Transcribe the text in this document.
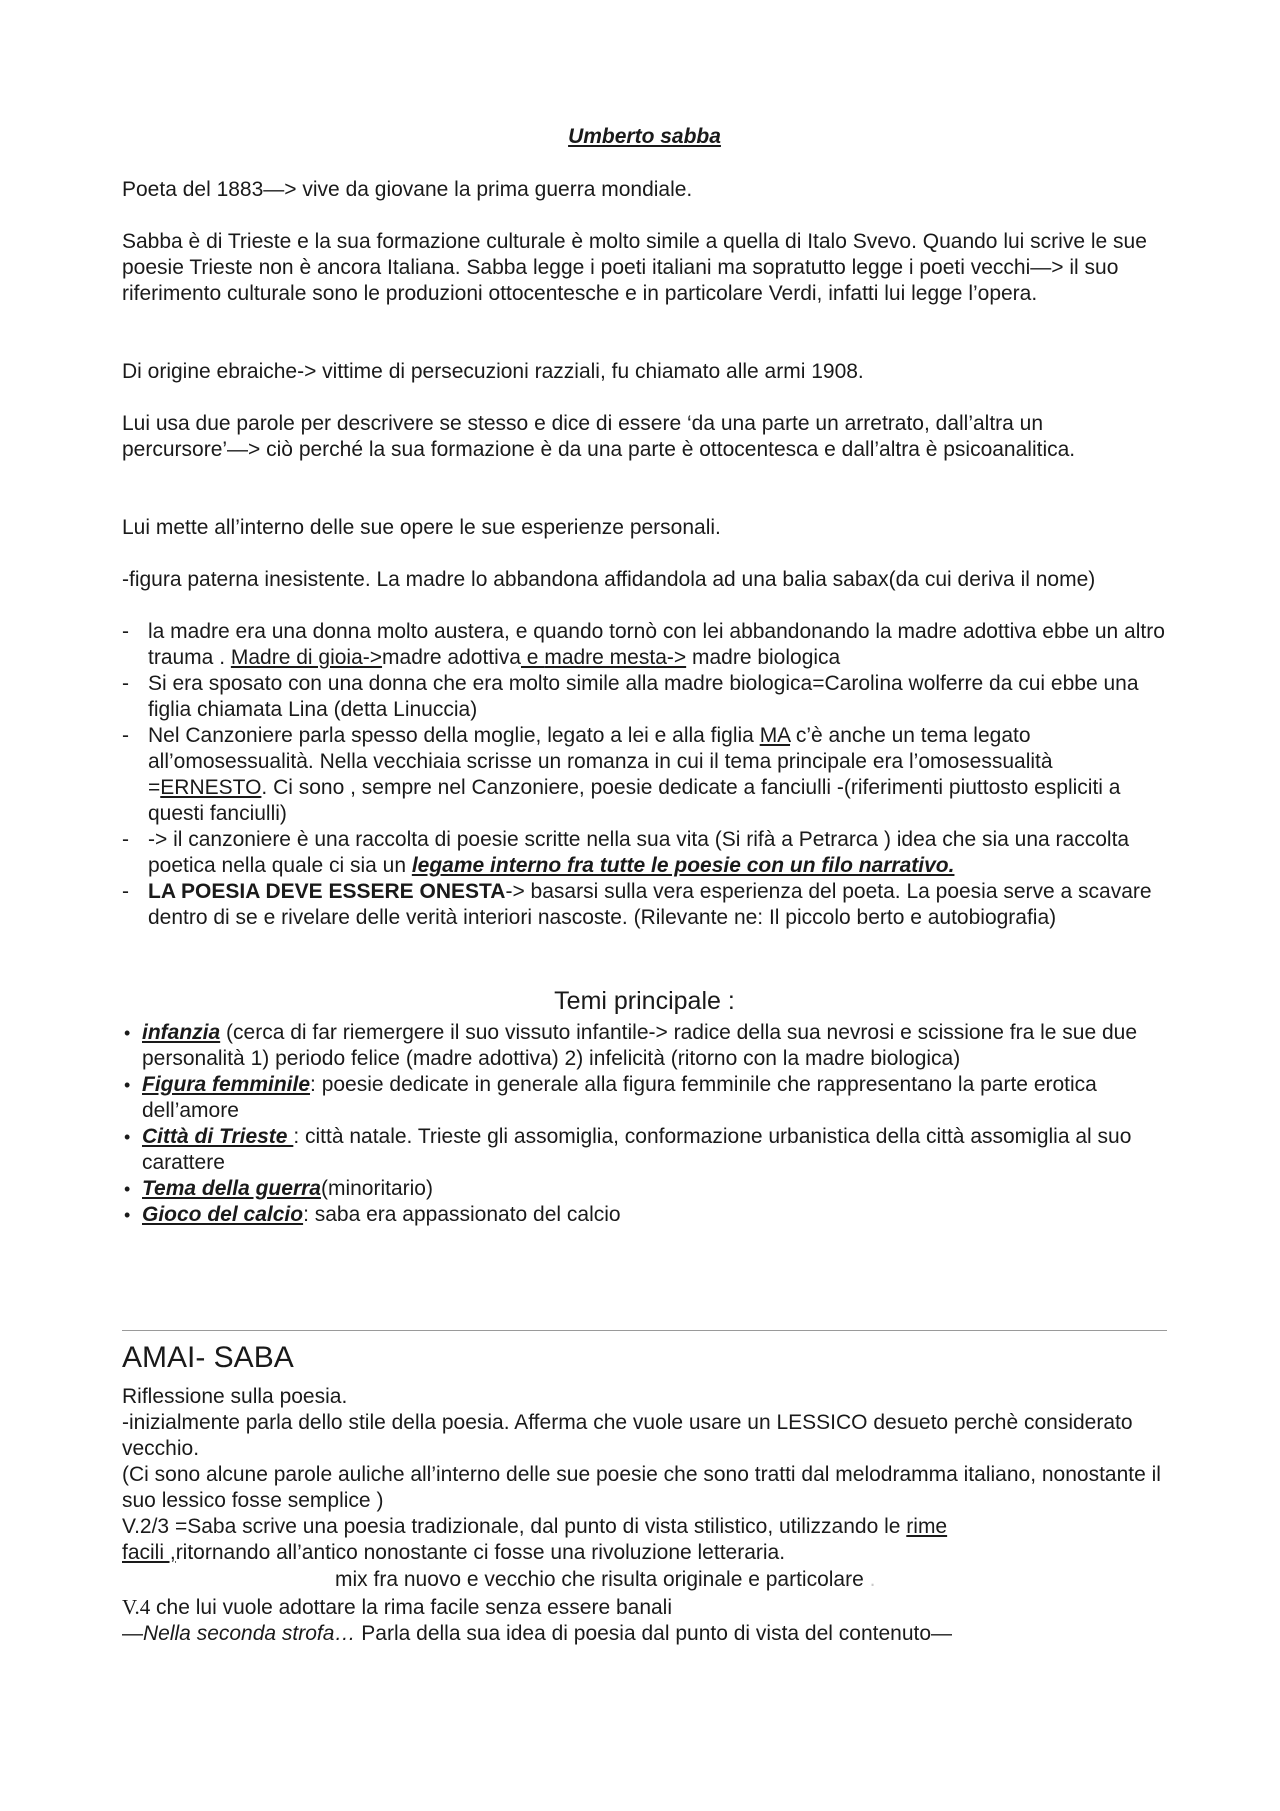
Umberto sabba

Poeta del 1883—> vive da giovane la prima guerra mondiale.

Sabba è di Trieste e la sua formazione culturale è molto simile a quella di Italo Svevo. Quando lui scrive le sue poesie Trieste non è ancora Italiana. Sabba legge i poeti italiani ma sopratutto legge i poeti vecchi—> il suo riferimento culturale sono le produzioni ottocentesche e in particolare Verdi, infatti lui legge l’opera.

Di origine ebraiche-> vittime di persecuzioni razziali, fu chiamato alle armi 1908.

Lui usa due parole per descrivere se stesso e dice di essere ‘da una parte un arretrato, dall’altra un percursore’—> ciò perché la sua formazione è da una parte è ottocentesca e dall’altra è psicoanalitica.

Lui mette all’interno delle sue opere le sue esperienze personali.

-figura paterna inesistente. La madre lo abbandona affidandola ad una balia sabax(da cui deriva il nome)

- la madre era una donna molto austera, e quando tornò con lei abbandonando la madre adottiva ebbe un altro trauma . Madre di gioia->madre adottiva e madre mesta-> madre biologica
- Si era sposato con una donna che era molto simile alla madre biologica=Carolina wolferre da cui ebbe una figlia chiamata Lina (detta Linuccia)
- Nel Canzoniere parla spesso della moglie, legato a lei e alla figlia MA c’è anche un tema legato all’omosessualità. Nella vecchiaia scrisse un romanza in cui il tema principale era l’omosessualità =ERNESTO. Ci sono , sempre nel Canzoniere, poesie dedicate a fanciulli -(riferimenti piuttosto espliciti a questi fanciulli)
- -> il canzoniere è una raccolta di poesie scritte nella sua vita (Si rifà a Petrarca ) idea che sia una raccolta poetica nella quale ci sia un legame interno fra tutte le poesie con un filo narrativo.
- LA POESIA DEVE ESSERE ONESTA-> basarsi sulla vera esperienza del poeta. La poesia serve a scavare dentro di se e rivelare delle verità interiori nascoste. (Rilevante ne: Il piccolo berto e autobiografia)
Temi principale :
• infanzia (cerca di far riemergere il suo vissuto infantile-> radice della sua nevrosi e scissione fra le sue due personalità 1) periodo felice (madre adottiva) 2) infelicità (ritorno con la madre biologica)
• Figura femminile: poesie dedicate in generale alla figura femminile che rappresentano la parte erotica dell’amore
• Città di Trieste : città natale. Trieste gli assomiglia, conformazione urbanistica della città assomiglia al suo carattere
• Tema della guerra(minoritario)
• Gioco del calcio: saba era appassionato del calcio

AMAI- SABA

Riflessione sulla poesia.

-inizialmente parla dello stile della poesia. Afferma che vuole usare un LESSICO desueto perchè considerato vecchio.

(Ci sono alcune parole auliche all’interno delle sue poesie che sono tratti dal melodramma italiano, nonostante il suo lessico fosse semplice )

V.2/3 =Saba scrive una poesia tradizionale, dal punto di vista stilistico, utilizzando le rime
facili ,ritornando all’antico nonostante ci fosse una rivoluzione letteraria.

mix fra nuovo e vecchio che risulta originale e particolare .

V.4 che lui vuole adottare la rima facile senza essere banali

—Nella seconda strofa… Parla della sua idea di poesia dal punto di vista del contenuto—
